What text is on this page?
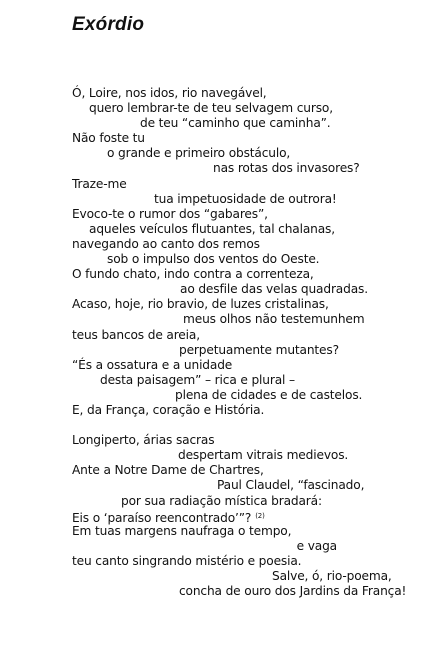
Exórdio
Ó, Loire, nos idos, rio navegável,
quero lembrar-te de teu selvagem curso,
de teu “caminho que caminha”.
Não foste tu
o grande e primeiro obstáculo,
nas rotas dos invasores?
Traze-me
tua impetuosidade de outrora!
Evoco-te o rumor dos “gabares”,
aqueles veículos flutuantes, tal chalanas,
navegando ao canto dos remos
sob o impulso dos ventos do Oeste.
O fundo chato, indo contra a correnteza,
ao desfile das velas quadradas.
Acaso, hoje, rio bravio, de luzes cristalinas,
meus olhos não testemunhem
teus bancos de areia,
perpetuamente mutantes?
“És a ossatura e a unidade
desta paisagem” – rica e plural –
plena de cidades e de castelos.
E, da França, coração e História.
Longiperto, árias sacras
despertam vitrais medievos.
Ante a Notre Dame de Chartres,
Paul Claudel, “fascinado,
por sua radiação mística bradará:
Eis o ‘paraíso reencontrado’”? $^{(2)}$
Em tuas margens naufraga o tempo,
e vaga
teu canto singrando mistério e poesia.
Salve, ó, rio-poema,
concha de ouro dos Jardins da França!
